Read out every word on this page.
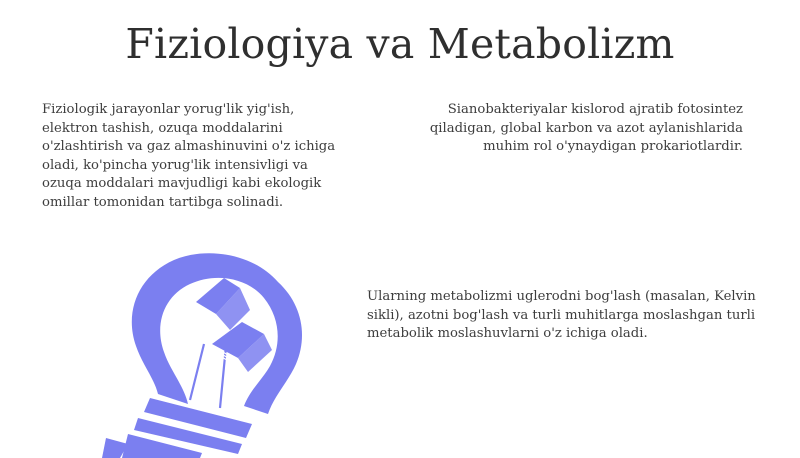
Fiziologiya va Metabolizm
Fiziologik jarayonlar yorug'lik yig'ish, elektron tashish, ozuqa moddalarini o'zlashtirish va gaz almashinuvini o'z ichiga oladi, ko'pincha yorug'lik intensivligi va ozuqa moddalari mavjudligi kabi ekologik omillar tomonidan tartibga solinadi.
Sianobakteriyalar kislorod ajratib fotosintez qiladigan, global karbon va azot aylanishlarida muhim rol o'ynaydigan prokariotlardir.
Ularning metabolizmi uglerodni bog'lash (masalan, Kelvin sikli), azotni bog'lash va turli muhitlarga moslashgan turli metabolik moslashuvlarni o'z ichiga oladi.
